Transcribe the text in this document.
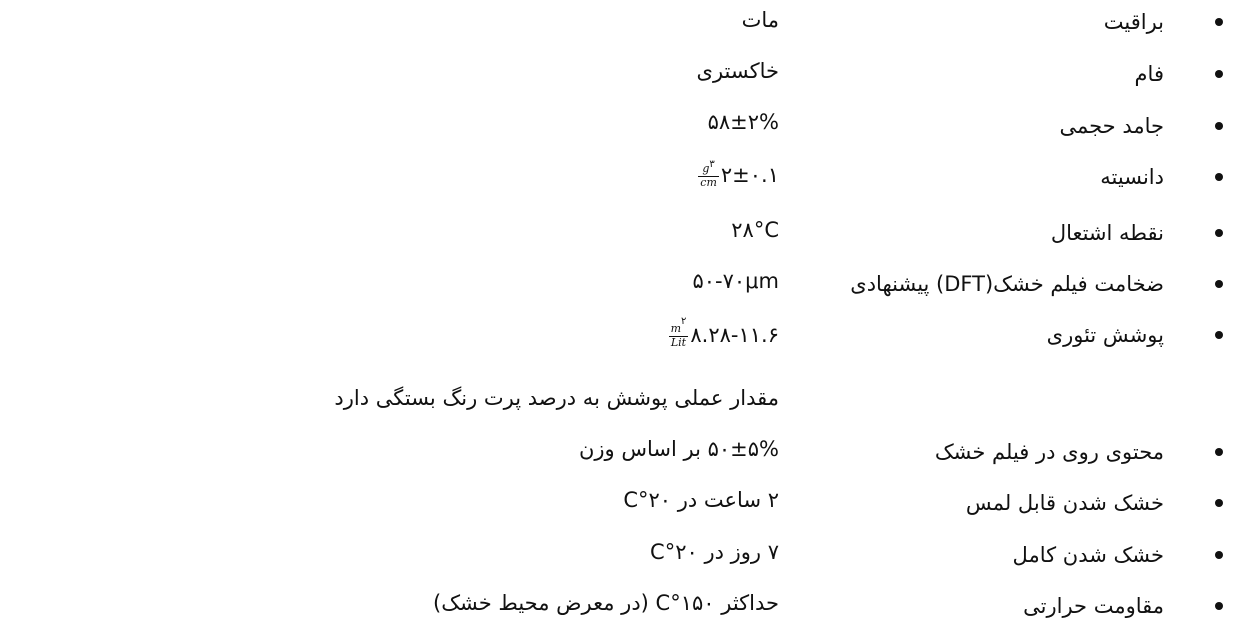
براقیت
مات
فام
خاکستری
جامد حجمی
۵۸±۲%
دانسیته
۲±۰.۱
$\frac{g۳}{cm}$
نقطه اشتعال
۲۸°C
ضخامت فیلم خشک(DFT) پیشنهادی
۵۰-۷۰μm
پوشش تئوری
۸.۲۸-۱۱.۶
$\frac{m۲}{\text{Lit}}$
مقدار عملی پوشش به درصد پرت رنگ بستگی دارد
محتوی روی در فیلم خشک
۵۰±۵% بر اساس وزن
خشک شدن قابل لمس
۲ ساعت در ۲۰°C
خشک شدن کامل
۷ روز در ۲۰°C
مقاومت حرارتی
حداکثر ۱۵۰°C (در معرض محیط خشک)
